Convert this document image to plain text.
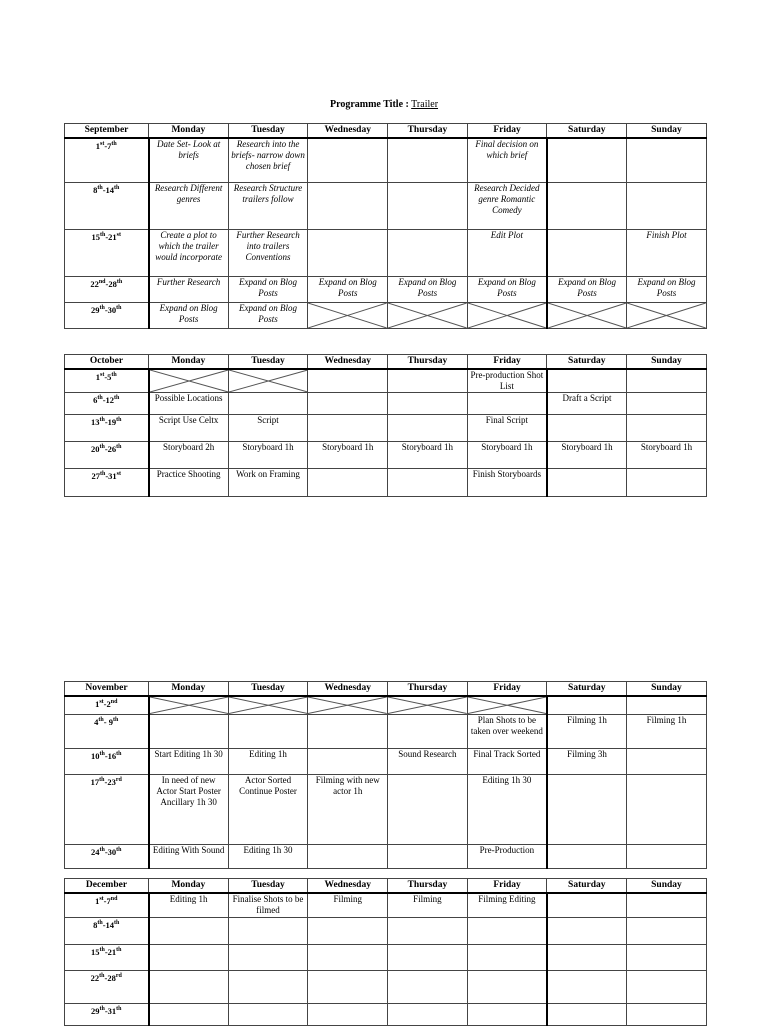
Programme Title : Trailer
September	Monday	Tuesday	Wednesday	Thursday	Friday	Saturday	Sunday
1st-7th	Date Set- Look at briefs	Research into the briefs- narrow down chosen brief			Final decision on which brief		
8th-14th	Research Different genres	Research Structure trailers follow			Research Decided genre Romantic Comedy		
15th-21st	Create a plot to which the trailer would incorporate	Further Research into trailers Conventions			Edit Plot		Finish Plot
22nd-28th	Further Research	Expand on Blog Posts	Expand on Blog Posts	Expand on Blog Posts	Expand on Blog Posts	Expand on Blog Posts	Expand on Blog Posts
29th-30th	Expand on Blog Posts	Expand on Blog Posts	

October	Monday	Tuesday	Wednesday	Thursday	Friday	Saturday	Sunday
1st-5th					Pre-production Shot List		
6th-12th	Possible Locations					Draft a Script	
13th-19th	Script Use Celtx	Script			Final Script		
20th-26th	Storyboard 2h	Storyboard 1h	Storyboard 1h	Storyboard 1h	Storyboard 1h	Storyboard 1h	Storyboard 1h
27th-31st	Practice Shooting	Work on Framing			Finish Storyboards		
November	Monday	Tuesday	Wednesday	Thursday	Friday	Saturday	Sunday
1st-2nd	

4th- 9th					Plan Shots to be taken over weekend	Filming 1h	Filming 1h
10th-16th	Start Editing 1h 30	Editing 1h		Sound Research	Final Track Sorted	Filming 3h	
17th-23rd	In need of new Actor Start Poster Ancillary 1h 30	Actor Sorted Continue Poster	Filming with new actor 1h		Editing 1h 30		
24th-30th	Editing With Sound	Editing 1h 30			Pre-Production		
December	Monday	Tuesday	Wednesday	Thursday	Friday	Saturday	Sunday
1st-7nd	Editing 1h	Finalise Shots to be filmed	Filming	Filming	Filming Editing		
8th-14th							
15th-21th							
22th-28rd							
29th-31th							
